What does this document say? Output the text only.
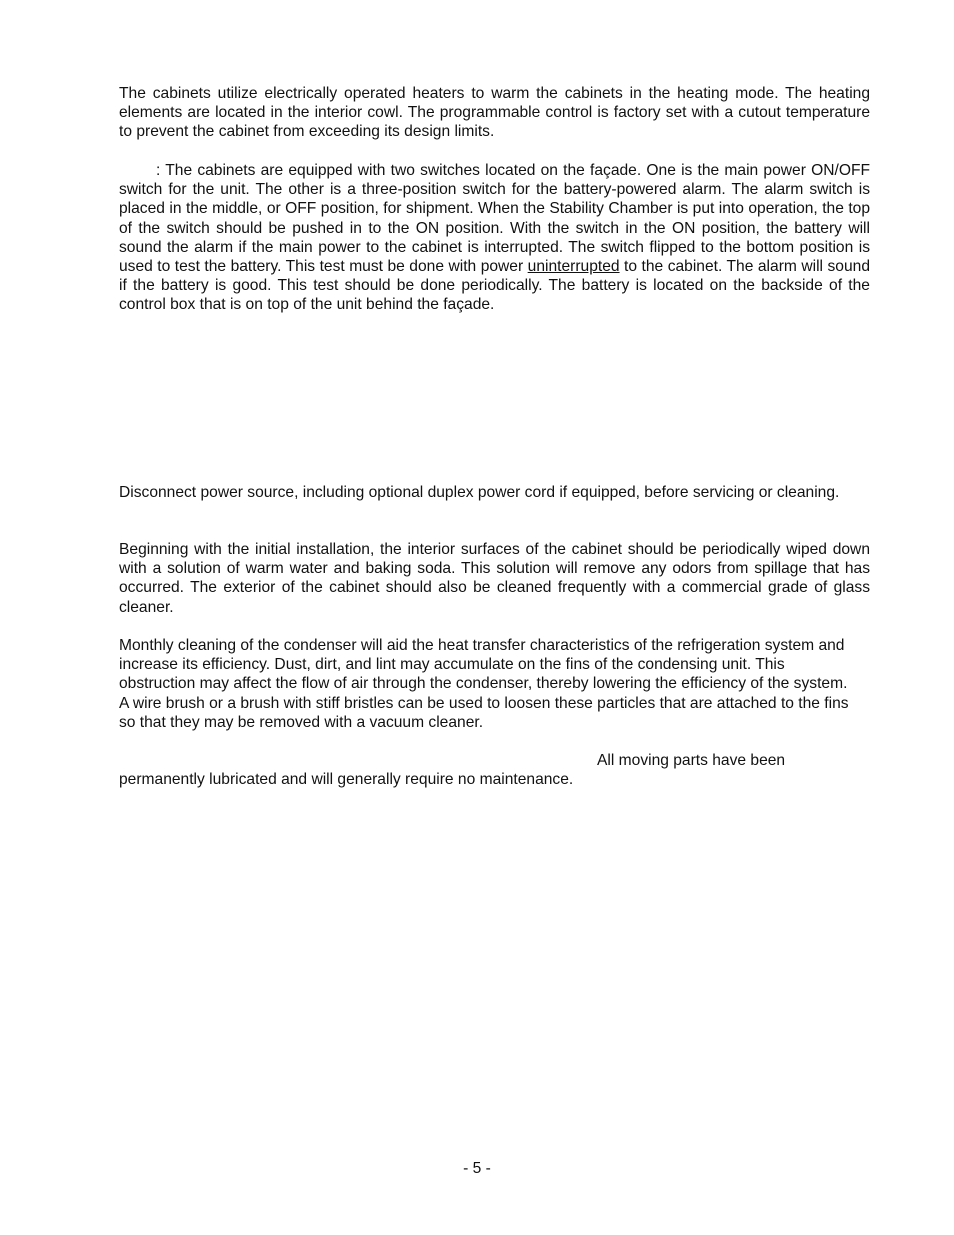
The cabinets utilize electrically operated heaters to warm the cabinets in the heating mode. The heating elements are located in the interior cowl. The programmable control is factory set with a cutout temperature to prevent the cabinet from exceeding its design limits.

: The cabinets are equipped with two switches located on the façade. One is the main power ON/OFF switch for the unit. The other is a three-position switch for the battery-powered alarm. The alarm switch is placed in the middle, or OFF position, for shipment. When the Stability Chamber is put into operation, the top of the switch should be pushed in to the ON position. With the switch in the ON position, the battery will sound the alarm if the main power to the cabinet is interrupted. The switch flipped to the bottom position is used to test the battery. This test must be done with power uninterrupted to the cabinet. The alarm will sound if the battery is good. This test should be done periodically. The battery is located on the backside of the control box that is on top of the unit behind the façade.

Disconnect power source, including optional duplex power cord if equipped, before servicing or cleaning.

Beginning with the initial installation, the interior surfaces of the cabinet should be periodically wiped down with a solution of warm water and baking soda. This solution will remove any odors from spillage that has occurred. The exterior of the cabinet should also be cleaned frequently with a commercial grade of glass cleaner.

Monthly cleaning of the condenser will aid the heat transfer characteristics of the refrigeration system and increase its efficiency. Dust, dirt, and lint may accumulate on the fins of the condensing unit. This obstruction may affect the flow of air through the condenser, thereby lowering the efficiency of the system. A wire brush or a brush with stiff bristles can be used to loosen these particles that are attached to the fins so that they may be removed with a vacuum cleaner.

All moving parts have been
permanently lubricated and will generally require no maintenance.

- 5 -
